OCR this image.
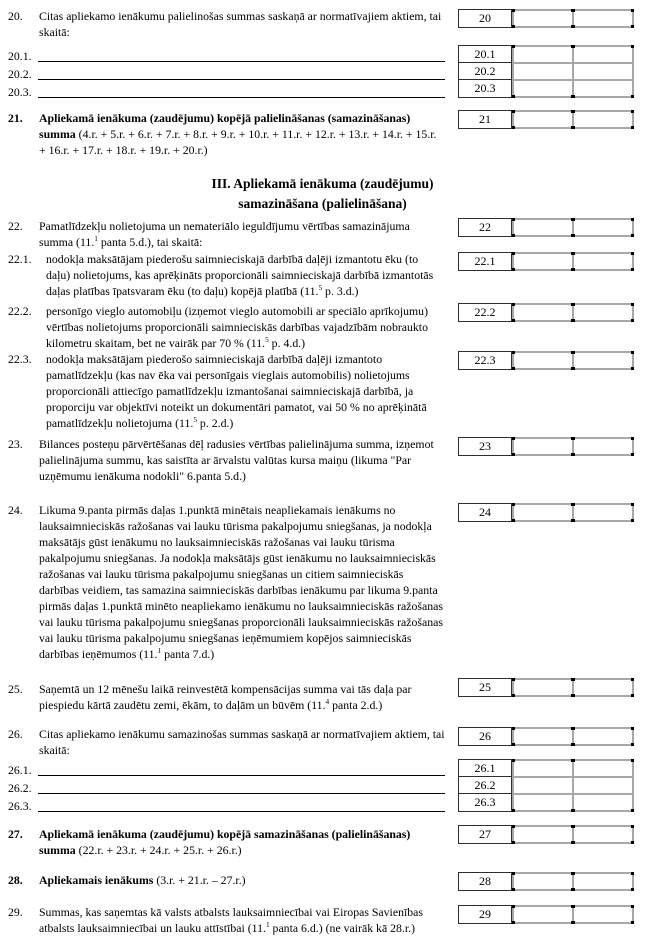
20. Citas apliekamo ienākumu palielinošas summas saskaņā ar normatīvajiem aktiem, tai skaitā:
20.1.
20.2.
20.3.
21. Apliekamā ienākuma (zaudējumu) kopējā palielināšanas (samazināšanas) summa (4.r. + 5.r. + 6.r. + 7.r. + 8.r. + 9.r. + 10.r. + 11.r. + 12.r. + 13.r. + 14.r. + 15.r. + 16.r. + 17.r. + 18.r. + 19.r. + 20.r.)
III. Apliekamā ienākuma (zaudējumu)
samazināšana (palielināšana)
22. Pamatlīdzekļu nolietojuma un nemateriālo ieguldījumu vērtības samazinājuma summa (11.$^1$ panta 5.d.), tai skaitā:
22.1. nodokļa maksātājam piederošu saimnieciskajā darbībā daļēji izmantotu ēku (to daļu) nolietojums, kas aprēķināts proporcionāli saimnieciskajā darbībā izmantotās daļas platības īpatsvaram ēku (to daļu) kopējā platībā (11.$^5$ p. 3.d.)
22.2. personīgo vieglo automobiļu (izņemot vieglo automobili ar speciālo aprīkojumu) vērtības nolietojums proporcionāli saimnieciskās darbības vajadzībām nobraukto kilometru skaitam, bet ne vairāk par 70 % (11.$^5$ p. 4.d.)
22.3. nodokļa maksātājam piederošo saimnieciskajā darbībā daļēji izmantoto pamatlīdzekļu (kas nav ēka vai personīgais vieglais automobilis) nolietojums proporcionāli attiecīgo pamatlīdzekļu izmantošanai saimnieciskajā darbībā, ja proporciju var objektīvi noteikt un dokumentāri pamatot, vai 50 % no aprēķinātā pamatlīdzekļu nolietojuma (11.$^5$ p. 2.d.)
23. Bilances posteņu pārvērtēšanas dēļ radusies vērtības palielinājuma summa, izņemot palielinājuma summu, kas saistīta ar ārvalstu valūtas kursa maiņu (likuma "Par uzņēmumu ienākuma nodokli" 6.panta 5.d.)
24. Likuma 9.panta pirmās daļas 1.punktā minētais neapliekamais ienākums no lauksaimnieciskās ražošanas vai lauku tūrisma pakalpojumu sniegšanas, ja nodokļa maksātājs gūst ienākumu no lauksaimnieciskās ražošanas vai lauku tūrisma pakalpojumu sniegšanas. Ja nodokļa maksātājs gūst ienākumu no lauksaimnieciskās ražošanas vai lauku tūrisma pakalpojumu sniegšanas un citiem saimnieciskās darbības veidiem, tas samazina saimnieciskās darbības ienākumu par likuma 9.panta pirmās daļas 1.punktā minēto neapliekamo ienākumu no lauksaimnieciskās ražošanas vai lauku tūrisma pakalpojumu sniegšanas proporcionāli lauksaimnieciskās ražošanas vai lauku tūrisma pakalpojumu sniegšanas ieņēmumiem kopējos saimnieciskās darbības ieņēmumos (11.$^1$ panta 7.d.)
25. Saņemtā un 12 mēnešu laikā reinvestētā kompensācijas summa vai tās daļa par piespiedu kārtā zaudētu zemi, ēkām, to daļām un būvēm (11.$^4$ panta 2.d.)
26. Citas apliekamo ienākumu samazinošas summas saskaņā ar normatīvajiem aktiem, tai skaitā:
26.1.
26.2.
26.3.
27. Apliekamā ienākuma (zaudējumu) kopējā samazināšanas (palielināšanas) summa (22.r. + 23.r. + 24.r. + 25.r. + 26.r.)
28. Apliekamais ienākums (3.r. + 21.r. – 27.r.)
29. Summas, kas saņemtas kā valsts atbalsts lauksaimniecībai vai Eiropas Savienības atbalsts lauksaimniecībai un lauku attīstībai (11.$^1$ panta 6.d.) (ne vairāk kā 28.r.)
20
20.1
20.2
20.3
21
22
22.1
22.2
22.3
23
24
25
26
26.1
26.2
26.3
27
28
29
